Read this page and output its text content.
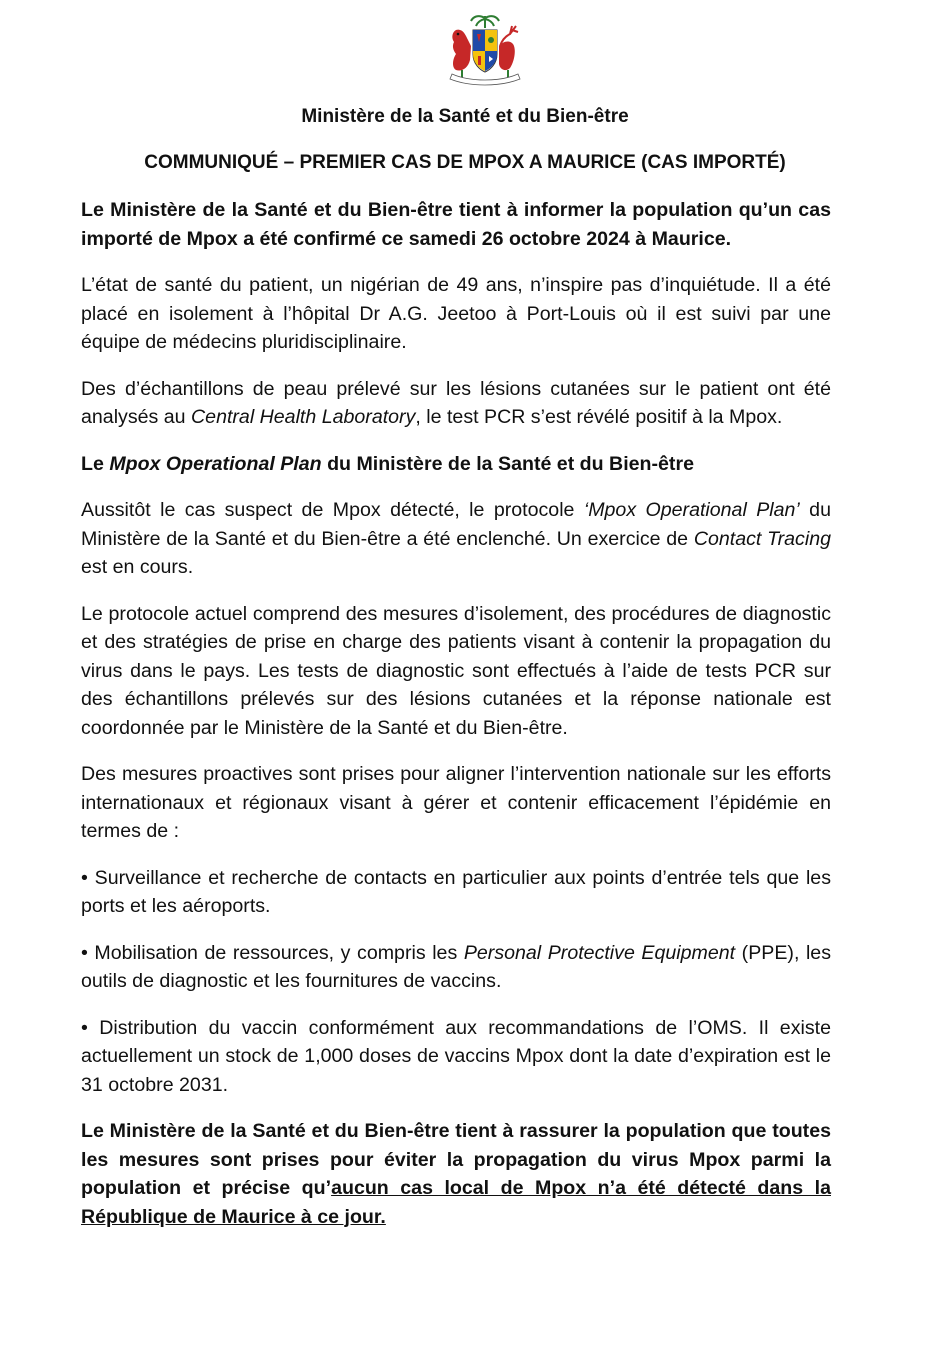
Ministère de la Santé et du Bien-être
COMMUNIQUÉ – PREMIER CAS DE MPOX A MAURICE (CAS IMPORTÉ)

Le Ministère de la Santé et du Bien-être tient à informer la population qu’un cas importé de Mpox a été confirmé ce samedi 26 octobre 2024 à Maurice.

L’état de santé du patient, un nigérian de 49 ans, n’inspire pas d’inquiétude. Il a été placé en isolement à l’hôpital Dr A.G. Jeetoo à Port-Louis où il est suivi par une équipe de médecins pluridisciplinaire.

Des d’échantillons de peau prélevé sur les lésions cutanées sur le patient ont été analysés au Central Health Laboratory, le test PCR s’est révélé positif à la Mpox.

Le Mpox Operational Plan du Ministère de la Santé et du Bien-être

Aussitôt le cas suspect de Mpox détecté, le protocole ‘Mpox Operational Plan’ du Ministère de la Santé et du Bien-être a été enclenché. Un exercice de Contact Tracing est en cours.

Le protocole actuel comprend des mesures d’isolement, des procédures de diagnostic et des stratégies de prise en charge des patients visant à contenir la propagation du virus dans le pays. Les tests de diagnostic sont effectués à l’aide de tests PCR sur des échantillons prélevés sur des lésions cutanées et la réponse nationale est coordonnée par le Ministère de la Santé et du Bien-être.

Des mesures proactives sont prises pour aligner l’intervention nationale sur les efforts internationaux et régionaux visant à gérer et contenir efficacement l’épidémie en termes de :

• Surveillance et recherche de contacts en particulier aux points d’entrée tels que les ports et les aéroports.

• Mobilisation de ressources, y compris les Personal Protective Equipment (PPE), les outils de diagnostic et les fournitures de vaccins.

• Distribution du vaccin conformément aux recommandations de l’OMS. Il existe actuellement un stock de 1,000 doses de vaccins Mpox dont la date d’expiration est le 31 octobre 2031.

Le Ministère de la Santé et du Bien-être tient à rassurer la population que toutes les mesures sont prises pour éviter la propagation du virus Mpox parmi la population et précise qu’aucun cas local de Mpox n’a été détecté dans la République de Maurice à ce jour.
